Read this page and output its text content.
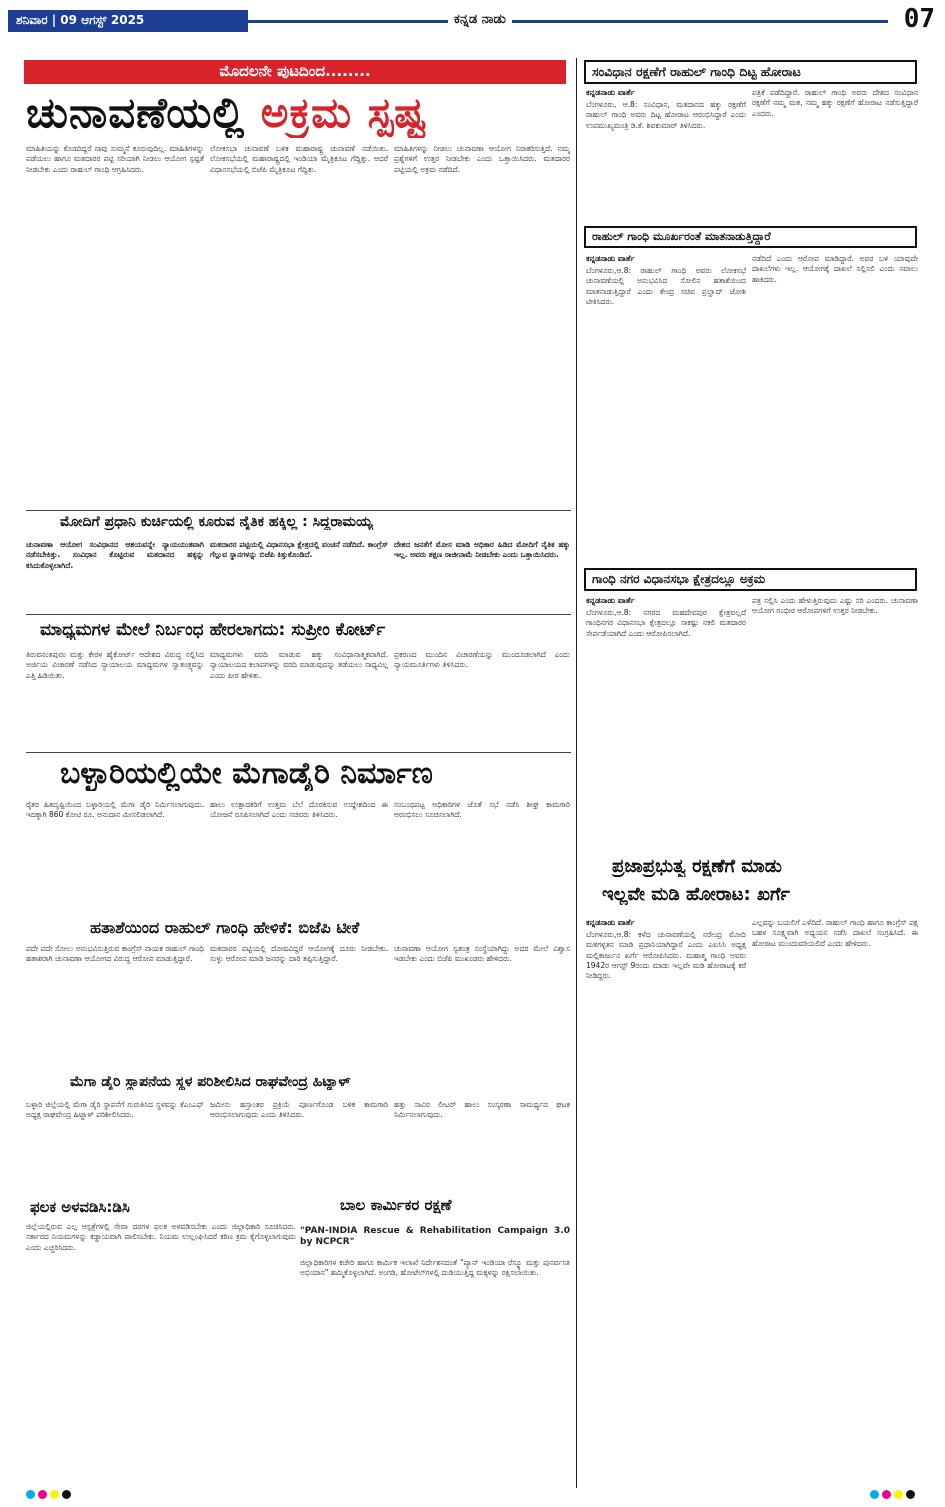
ಶನಿವಾರ | 09 ಆಗಸ್ಟ್ 2025	ಕನ್ನಡ ನಾಡು	07
ಮೊದಲನೇ ಪುಟದಿಂದ........
ಚುನಾವಣೆಯಲ್ಲಿ ಅಕ್ರಮ ಸ್ಪಷ್ಟ
ಮಾಹಿತಿಯನ್ನು ಕೊಡದಿದ್ದರೆ ನಾವು ಸುಮ್ಮನೆ ಕೂರುವುದಿಲ್ಲ. ಮಾಹಿತಿಗಳನ್ನು ಪಡೆಯಲು ಹಾಗೂ ಮತದಾರರ ಪಟ್ಟಿ ಸರಿಯಾಗಿ ನೀಡಲು ಆಯೋಗ ಸ್ಪಷ್ಟತೆ ನೀಡಬೇಕು ಎಂದು ರಾಹುಲ್ ಗಾಂಧಿ ಆಗ್ರಹಿಸಿದರು.
ಲೋಕಸಭಾ ಚುನಾವಣೆ ಬಳಿಕ ಮಹಾರಾಷ್ಟ್ರ ಚುನಾವಣೆ ನಡೆಯಿತು. ಲೋಕಸಭೆಯಲ್ಲಿ ಮಹಾರಾಷ್ಟ್ರದಲ್ಲಿ ಇಂಡಿಯಾ ಮೈತ್ರಿಕೂಟ ಗೆದ್ದಿತ್ತು. ಆದರೆ ವಿಧಾನಸಭೆಯಲ್ಲಿ ಬಿಜೆಪಿ ಮೈತ್ರಿಕೂಟ ಗೆದ್ದಿತು.
ಮಾಹಿತಿಗಳನ್ನು ನೀಡಲು ಚುನಾವಣಾ ಆಯೋಗ ನಿರಾಕರಿಸುತ್ತಿದೆ. ನಮ್ಮ ಪ್ರಶ್ನೆಗಳಿಗೆ ಉತ್ತರ ನೀಡಬೇಕು ಎಂದು ಒತ್ತಾಯಿಸಿದರು. ಮತದಾರರ ಪಟ್ಟಿಯಲ್ಲಿ ಅಕ್ರಮ ನಡೆದಿದೆ.
ಮೋದಿಗೆ ಪ್ರಧಾನಿ ಕುರ್ಚಿಯಲ್ಲಿ ಕೂರುವ ನೈತಿಕ ಹಕ್ಕಿಲ್ಲ : ಸಿದ್ದರಾಮಯ್ಯ
ಚುನಾವಣಾ ಆಯೋಗ ಸಂವಿಧಾನದ ಆಶಯವನ್ನೇ ನ್ಯಾಯಯುತವಾಗಿ ನಡೆಸಬೇಕಿತ್ತು. ಸಂವಿಧಾನ ಕೊಟ್ಟಿರುವ ಮತದಾನದ ಹಕ್ಕನ್ನು ಕಸಿದುಕೊಳ್ಳಲಾಗಿದೆ.
ಮತದಾರರ ಪಟ್ಟಿಯಲ್ಲಿ ವಿಧಾನಸಭಾ ಕ್ಷೇತ್ರದಲ್ಲಿ ವಂಚನೆ ನಡೆದಿದೆ. ಕಾಂಗ್ರೆಸ್ ಗೆಲ್ಲುವ ಸ್ಥಾನಗಳನ್ನು ಬಿಜೆಪಿ ಕಿತ್ತುಕೊಂಡಿದೆ.
ದೇಶದ ಜನತೆಗೆ ಮೋಸ ಮಾಡಿ ಅಧಿಕಾರ ಹಿಡಿದ ಮೋದಿಗೆ ನೈತಿಕ ಹಕ್ಕು ಇಲ್ಲ. ಅವರು ತಕ್ಷಣ ರಾಜೀನಾಮೆ ನೀಡಬೇಕು ಎಂದು ಒತ್ತಾಯಿಸಿದರು.
ಮಾಧ್ಯಮಗಳ ಮೇಲೆ ನಿರ್ಬಂಧ ಹೇರಲಾಗದು: ಸುಪ್ರೀಂ ಕೋರ್ಟ್
ತಿರುವನಂತಪುರಂ ಮತ್ತು ಕೇರಳ ಹೈಕೋರ್ಟ್ ಆದೇಶದ ವಿರುದ್ಧ ಸಲ್ಲಿಸಿದ ಅರ್ಜಿಯ ವಿಚಾರಣೆ ನಡೆಸಿದ ನ್ಯಾಯಾಲಯ ಮಾಧ್ಯಮಗಳ ಸ್ವಾತಂತ್ರ್ಯವನ್ನು ಎತ್ತಿ ಹಿಡಿಯಿತು.
ಮಾಧ್ಯಮಗಳು ವರದಿ ಮಾಡುವ ಹಕ್ಕು ಸಂವಿಧಾನಾತ್ಮಕವಾಗಿದೆ. ನ್ಯಾಯಾಲಯದ ಕಲಾಪಗಳನ್ನು ವರದಿ ಮಾಡುವುದನ್ನು ತಡೆಯಲು ಸಾಧ್ಯವಿಲ್ಲ ಎಂದು ಪೀಠ ಹೇಳಿತು.
ಪ್ರಕರಣದ ಮುಂದಿನ ವಿಚಾರಣೆಯನ್ನು ಮುಂದೂಡಲಾಗಿದೆ ಎಂದು ನ್ಯಾಯಮೂರ್ತಿಗಳು ತಿಳಿಸಿದರು.
ಬಳ್ಳಾರಿಯಲ್ಲಿಯೇ ಮೆಗಾಡೈರಿ ನಿರ್ಮಾಣ
ರೈತರ ಹಿತದೃಷ್ಟಿಯಿಂದ ಬಳ್ಳಾರಿಯಲ್ಲಿ ಮೆಗಾ ಡೈರಿ ನಿರ್ಮಿಸಲಾಗುವುದು. ಇದಕ್ಕಾಗಿ 860 ಕೋಟಿ ರೂ. ಅನುದಾನ ಮೀಸಲಿಡಲಾಗಿದೆ.
ಹಾಲು ಉತ್ಪಾದಕರಿಗೆ ಉತ್ತಮ ಬೆಲೆ ದೊರಕಿಸುವ ಉದ್ದೇಶದಿಂದ ಈ ಯೋಜನೆ ರೂಪಿಸಲಾಗಿದೆ ಎಂದು ಸಚಿವರು ತಿಳಿಸಿದರು.
ಸಂಬಂಧಪಟ್ಟ ಅಧಿಕಾರಿಗಳ ಜೊತೆ ಸಭೆ ನಡೆಸಿ ಶೀಘ್ರ ಕಾಮಗಾರಿ ಆರಂಭಿಸಲು ಸೂಚಿಸಲಾಗಿದೆ.
ಹತಾಶೆಯಿಂದ ರಾಹುಲ್ ಗಾಂಧಿ ಹೇಳಿಕೆ: ಬಿಜೆಪಿ ಟೀಕೆ
ಪದೇ ಪದೇ ಸೋಲು ಅನುಭವಿಸುತ್ತಿರುವ ಕಾಂಗ್ರೆಸ್ ನಾಯಕ ರಾಹುಲ್ ಗಾಂಧಿ ಹತಾಶರಾಗಿ ಚುನಾವಣಾ ಆಯೋಗದ ವಿರುದ್ಧ ಆರೋಪ ಮಾಡುತ್ತಿದ್ದಾರೆ.
ಮತದಾರರ ಪಟ್ಟಿಯಲ್ಲಿ ದೋಷವಿದ್ದರೆ ಆಯೋಗಕ್ಕೆ ದೂರು ನೀಡಬೇಕು. ಸುಳ್ಳು ಆರೋಪ ಮಾಡಿ ಜನರನ್ನು ದಾರಿ ತಪ್ಪಿಸುತ್ತಿದ್ದಾರೆ.
ಚುನಾವಣಾ ಆಯೋಗ ಸ್ವತಂತ್ರ ಸಂಸ್ಥೆಯಾಗಿದ್ದು ಅದರ ಮೇಲೆ ವಿಶ್ವಾಸ ಇಡಬೇಕು ಎಂದು ಬಿಜೆಪಿ ಮುಖಂಡರು ಹೇಳಿದರು.
ಮೆಗಾ ಡೈರಿ ಸ್ಥಾಪನೆಯ ಸ್ಥಳ ಪರಿಶೀಲಿಸಿದ ರಾಘವೇಂದ್ರ ಹಿಟ್ನಾಳ್
ಬಳ್ಳಾರಿ ಜಿಲ್ಲೆಯಲ್ಲಿ ಮೆಗಾ ಡೈರಿ ಸ್ಥಾಪನೆಗೆ ಗುರುತಿಸಿದ ಸ್ಥಳವನ್ನು ಕೆಎಂಎಫ್ ಅಧ್ಯಕ್ಷ ರಾಘವೇಂದ್ರ ಹಿಟ್ನಾಳ್ ಪರಿಶೀಲಿಸಿದರು.
ಜಮೀನು ಹಸ್ತಾಂತರ ಪ್ರಕ್ರಿಯೆ ಪೂರ್ಣಗೊಂಡ ಬಳಿಕ ಕಾಮಗಾರಿ ಆರಂಭಿಸಲಾಗುವುದು ಎಂದು ತಿಳಿಸಿದರು.
ಹತ್ತು ಸಾವಿರ ಲೀಟರ್ ಹಾಲು ಸಂಸ್ಕರಣಾ ಸಾಮರ್ಥ್ಯದ ಘಟಕ ನಿರ್ಮಿಸಲಾಗುವುದು.
ಫಲಕ ಅಳವಡಿಸಿ:ಡಿಸಿ
ಜಿಲ್ಲೆಯಲ್ಲಿರುವ ಎಲ್ಲ ಆಸ್ಪತ್ರೆಗಳಲ್ಲಿ ಸೇವಾ ದರಗಳ ಫಲಕ ಅಳವಡಿಸಬೇಕು ಎಂದು ಜಿಲ್ಲಾಧಿಕಾರಿ ಸೂಚಿಸಿದರು. ಸರ್ಕಾರದ ನಿಯಮಗಳನ್ನು ಕಡ್ಡಾಯವಾಗಿ ಪಾಲಿಸಬೇಕು. ನಿಯಮ ಉಲ್ಲಂಘಿಸಿದರೆ ಕಠಿಣ ಕ್ರಮ ಕೈಗೊಳ್ಳಲಾಗುವುದು ಎಂದು ಎಚ್ಚರಿಸಿದರು.
ಬಾಲ ಕಾರ್ಮಿಕರ ರಕ್ಷಣೆ
"PAN-INDIA Rescue & Rehabilitation Campaign 3.0 by NCPCR"
ಜಿಲ್ಲಾಧಿಕಾರಿಗಳ ಕಚೇರಿ ಹಾಗೂ ಕಾರ್ಮಿಕ ಇಲಾಖೆ ನಿರ್ದೇಶನದಂತೆ "ಪ್ಯಾನ್ ಇಂಡಿಯಾ ರೆಸ್ಕ್ಯೂ ಮತ್ತು ಪುನರ್ವಸತಿ ಅಭಿಯಾನ" ಹಮ್ಮಿಕೊಳ್ಳಲಾಗಿದೆ. ಅಂಗಡಿ, ಹೋಟೆಲ್‌ಗಳಲ್ಲಿ ದುಡಿಯುತ್ತಿದ್ದ ಮಕ್ಕಳನ್ನು ರಕ್ಷಿಸಲಾಯಿತು.
ಸಂವಿಧಾನ ರಕ್ಷಣೆಗೆ ರಾಹುಲ್ ಗಾಂಧಿ ದಿಟ್ಟ ಹೋರಾಟ
ಕನ್ನಡನಾಡು ವಾರ್ತೆ
ಬೆಂಗಳೂರು, ಆ.8: ಸಂವಿಧಾನ, ಮತದಾನದ ಹಕ್ಕು ರಕ್ಷಣೆಗೆ ರಾಹುಲ್ ಗಾಂಧಿ ಅವರು ದಿಟ್ಟ ಹೋರಾಟ ಆರಂಭಿಸಿದ್ದಾರೆ ಎಂದು ಉಪಮುಖ್ಯಮಂತ್ರಿ ಡಿ.ಕೆ. ಶಿವಕುಮಾರ್ ತಿಳಿಸಿದರು.
ಪತ್ರಿಕೆ ಪಡೆದಿದ್ದಾರೆ. ರಾಹುಲ್ ಗಾಂಧಿ ಅವರು ದೇಶದ ಸಂವಿಧಾನ ರಕ್ಷಣೆಗೆ ನಮ್ಮ ಮತ, ನಮ್ಮ ಹಕ್ಕು ರಕ್ಷಣೆಗೆ ಹೋರಾಟ ನಡೆಸುತ್ತಿದ್ದಾರೆ ಎಂದರು.
ರಾಹುಲ್ ಗಾಂಧಿ ಮೂರ್ಖರಂತೆ ಮಾತನಾಡುತ್ತಿದ್ದಾರೆ
ಕನ್ನಡನಾಡು ವಾರ್ತೆ
ಬೆಂಗಳೂರು,ಆ.8: ರಾಹುಲ್ ಗಾಂಧಿ ಅವರು ಲೋಕಸಭೆ ಚುನಾವಣೆಯಲ್ಲಿ ಅನುಭವಿಸಿದ ಸೋಲಿನ ಹತಾಶೆಯಿಂದ ಮಾತನಾಡುತ್ತಿದ್ದಾರೆ ಎಂದು ಕೇಂದ್ರ ಸಚಿವ ಪ್ರಲ್ಹಾದ್ ಜೋಶಿ ಟೀಕಿಸಿದರು.
ನಡೆದಿದೆ ಎಂದು ಆರೋಪ ಮಾಡಿದ್ದಾರೆ. ಅವರ ಬಳಿ ಯಾವುದೇ ದಾಖಲೆಗಳು ಇಲ್ಲ. ಆಯೋಗಕ್ಕೆ ದಾಖಲೆ ಸಲ್ಲಿಸಲಿ ಎಂದು ಸವಾಲು ಹಾಕಿದರು.
ಗಾಂಧಿ ನಗರ ವಿಧಾನಸಭಾ ಕ್ಷೇತ್ರದಲ್ಲೂ ಅಕ್ರಮ
ಕನ್ನಡನಾಡು ವಾರ್ತೆ
ಬೆಂಗಳೂರು,ಆ.8: ನಗರದ ಮಹದೇವಪುರ ಕ್ಷೇತ್ರವಲ್ಲದೆ ಗಾಂಧಿನಗರ ವಿಧಾನಸಭಾ ಕ್ಷೇತ್ರದಲ್ಲೂ ಸಾಕಷ್ಟು ನಕಲಿ ಮತದಾರರ ಸೇರ್ಪಡೆಯಾಗಿದೆ ಎಂದು ಆರೋಪಿಸಲಾಗಿದೆ.
ಪತ್ರ ಸಲ್ಲಿಸಿ ಎಂದು ಹೇಳುತ್ತಿರುವುದು ಎಷ್ಟು ಸರಿ ಎಂದರು. ಚುನಾವಣಾ ಆಯೋಗ ಗಂಭೀರ ಆರೋಪಗಳಿಗೆ ಉತ್ತರ ನೀಡಬೇಕು.
ಪ್ರಜಾಪ್ರಭುತ್ವ ರಕ್ಷಣೆಗೆ ಮಾಡು
ಇಲ್ಲವೇ ಮಡಿ ಹೋರಾಟ: ಖರ್ಗೆ
ಕನ್ನಡನಾಡು ವಾರ್ತೆ
ಬೆಂಗಳೂರು,ಆ.8: ಕಳೆದ ಚುನಾವಣೆಯಲ್ಲಿ ನರೇಂದ್ರ ಮೋದಿ ಮತಗಳ್ಳತನ ಮಾಡಿ ಪ್ರಧಾನಿಯಾಗಿದ್ದಾರೆ ಎಂದು ಎಐಸಿಸಿ ಅಧ್ಯಕ್ಷ ಮಲ್ಲಿಕಾರ್ಜುನ ಖರ್ಗೆ ಆರೋಪಿಸಿದರು. ಮಹಾತ್ಮ ಗಾಂಧಿ ಅವರು 1942ರ ಆಗಸ್ಟ್ 9ರಂದು ಮಾಡು ಇಲ್ಲವೇ ಮಡಿ ಹೋರಾಟಕ್ಕೆ ಕರೆ ನೀಡಿದ್ದರು.
ಎಲ್ಲವನ್ನು ಬಯಲಿಗೆ ಎಳೆದಿದೆ. ರಾಹುಲ್ ಗಾಂಧಿ ಹಾಗೂ ಕಾಂಗ್ರೆಸ್ ಪಕ್ಷ ಬಹಳ ಸೂಕ್ಷ್ಮವಾಗಿ ಅಧ್ಯಯನ ನಡೆಸಿ ದಾಖಲೆ ಸಂಗ್ರಹಿಸಿದೆ. ಈ ಹೋರಾಟ ಮುಂದುವರಿಯಲಿದೆ ಎಂದು ಹೇಳಿದರು.
